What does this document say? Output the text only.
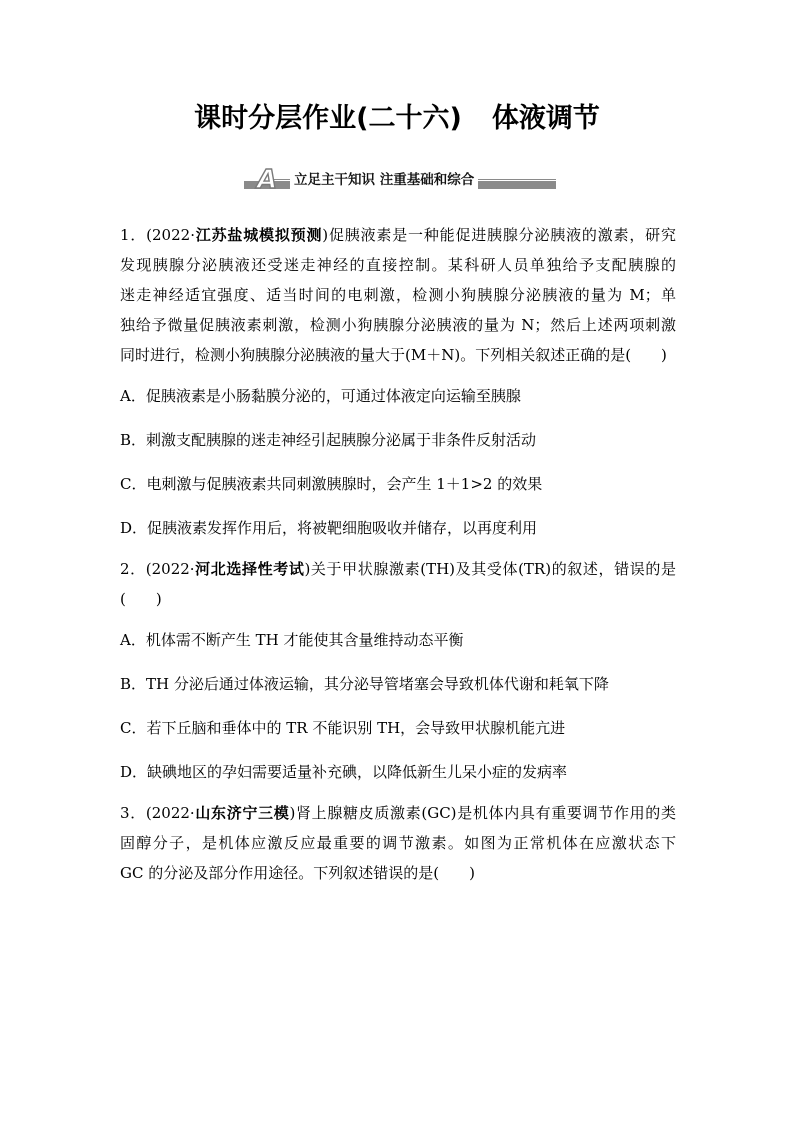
课时分层作业(二十六) 体液调节
A	立足主干知识 注重基础和综合
1．(2022·江苏盐城模拟预测)促胰液素是一种能促进胰腺分泌胰液的激素，研究
发现胰腺分泌胰液还受迷走神经的直接控制。某科研人员单独给予支配胰腺的
迷走神经适宜强度、适当时间的电刺激，检测小狗胰腺分泌胰液的量为 M；单
独给予微量促胰液素刺激，检测小狗胰腺分泌胰液的量为 N；然后上述两项刺激
同时进行，检测小狗胰腺分泌胰液的量大于(M＋N)。下列相关叙述正确的是(　　)
A．促胰液素是小肠黏膜分泌的，可通过体液定向运输至胰腺
B．刺激支配胰腺的迷走神经引起胰腺分泌属于非条件反射活动
C．电刺激与促胰液素共同刺激胰腺时，会产生 1＋1>2 的效果
D．促胰液素发挥作用后，将被靶细胞吸收并储存，以再度利用
2．(2022·河北选择性考试)关于甲状腺激素(TH)及其受体(TR)的叙述，错误的是
(　　)
A．机体需不断产生 TH 才能使其含量维持动态平衡
B．TH 分泌后通过体液运输，其分泌导管堵塞会导致机体代谢和耗氧下降
C．若下丘脑和垂体中的 TR 不能识别 TH，会导致甲状腺机能亢进
D．缺碘地区的孕妇需要适量补充碘，以降低新生儿呆小症的发病率
3．(2022·山东济宁三模)肾上腺糖皮质激素(GC)是机体内具有重要调节作用的类
固醇分子，是机体应激反应最重要的调节激素。如图为正常机体在应激状态下
GC 的分泌及部分作用途径。下列叙述错误的是(　　)
